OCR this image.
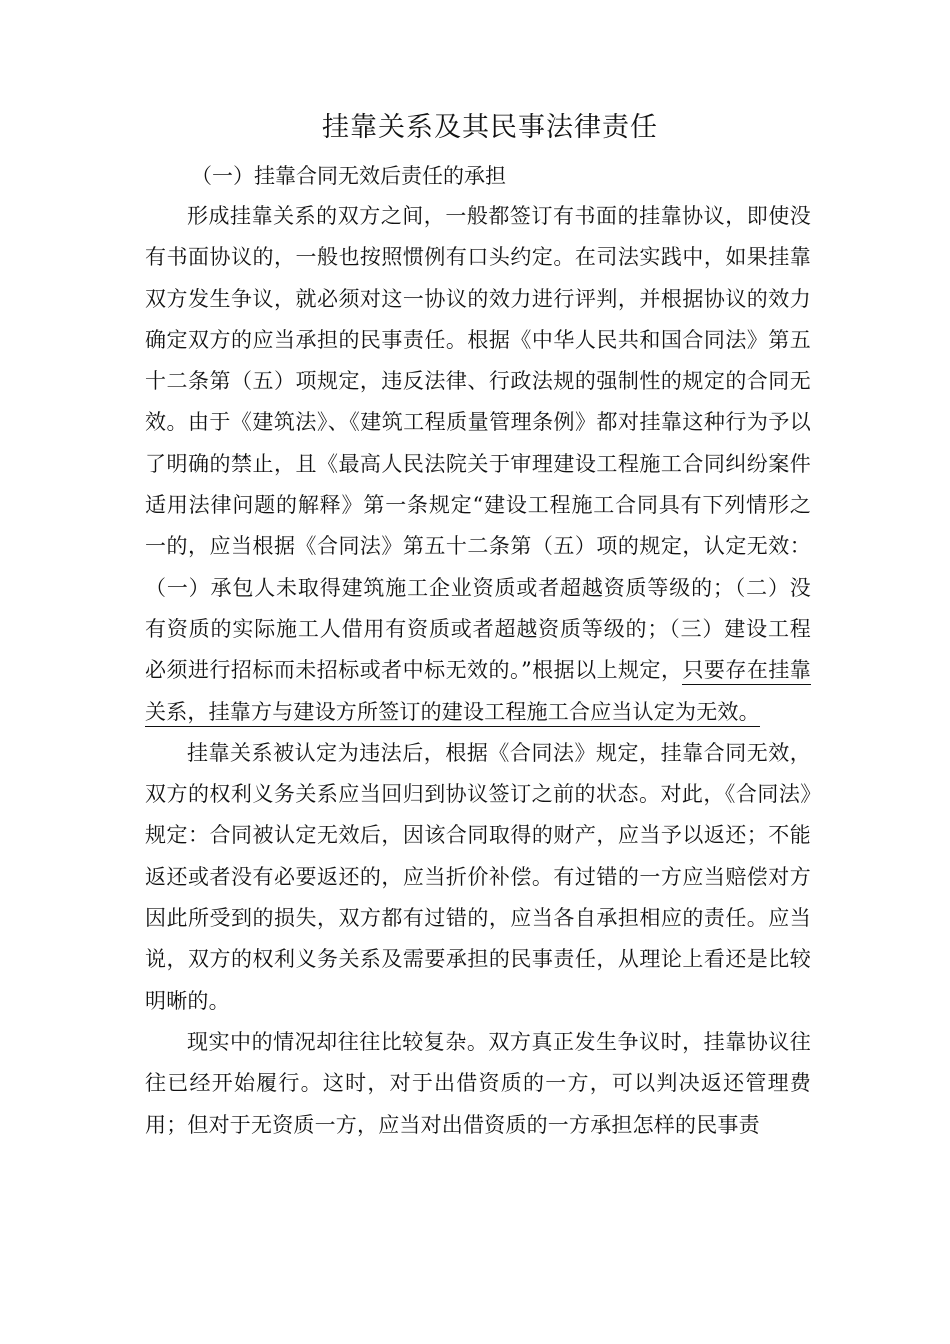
挂靠关系及其民事法律责任

（一）挂靠合同无效后责任的承担

形成挂靠关系的双方之间，一般都签订有书面的挂靠协议，即使没有书面协议的，一般也按照惯例有口头约定。在司法实践中，如果挂靠双方发生争议，就必须对这一协议的效力进行评判，并根据协议的效力确定双方的应当承担的民事责任。根据《中华人民共和国合同法》第五十二条第（五）项规定，违反法律、行政法规的强制性的规定的合同无效。由于《建筑法》、《建筑工程质量管理条例》都对挂靠这种行为予以了明确的禁止，且《最高人民法院关于审理建设工程施工合同纠纷案件适用法律问题的解释》第一条规定“建设工程施工合同具有下列情形之一的，应当根据《合同法》第五十二条第（五）项的规定，认定无效：（一）承包人未取得建筑施工企业资质或者超越资质等级的；（二）没有资质的实际施工人借用有资质或者超越资质等级的；（三）建设工程必须进行招标而未招标或者中标无效的。”根据以上规定，只要存在挂靠关系，挂靠方与建设方所签订的建设工程施工合应当认定为无效。

挂靠关系被认定为违法后，根据《合同法》规定，挂靠合同无效，双方的权利义务关系应当回归到协议签订之前的状态。对此，《合同法》规定：合同被认定无效后，因该合同取得的财产，应当予以返还；不能返还或者没有必要返还的，应当折价补偿。有过错的一方应当赔偿对方因此所受到的损失，双方都有过错的，应当各自承担相应的责任。应当说，双方的权利义务关系及需要承担的民事责任，从理论上看还是比较明晰的。

现实中的情况却往往比较复杂。双方真正发生争议时，挂靠协议往往已经开始履行。这时，对于出借资质的一方，可以判决返还管理费用；但对于无资质一方，应当对出借资质的一方承担怎样的民事责
